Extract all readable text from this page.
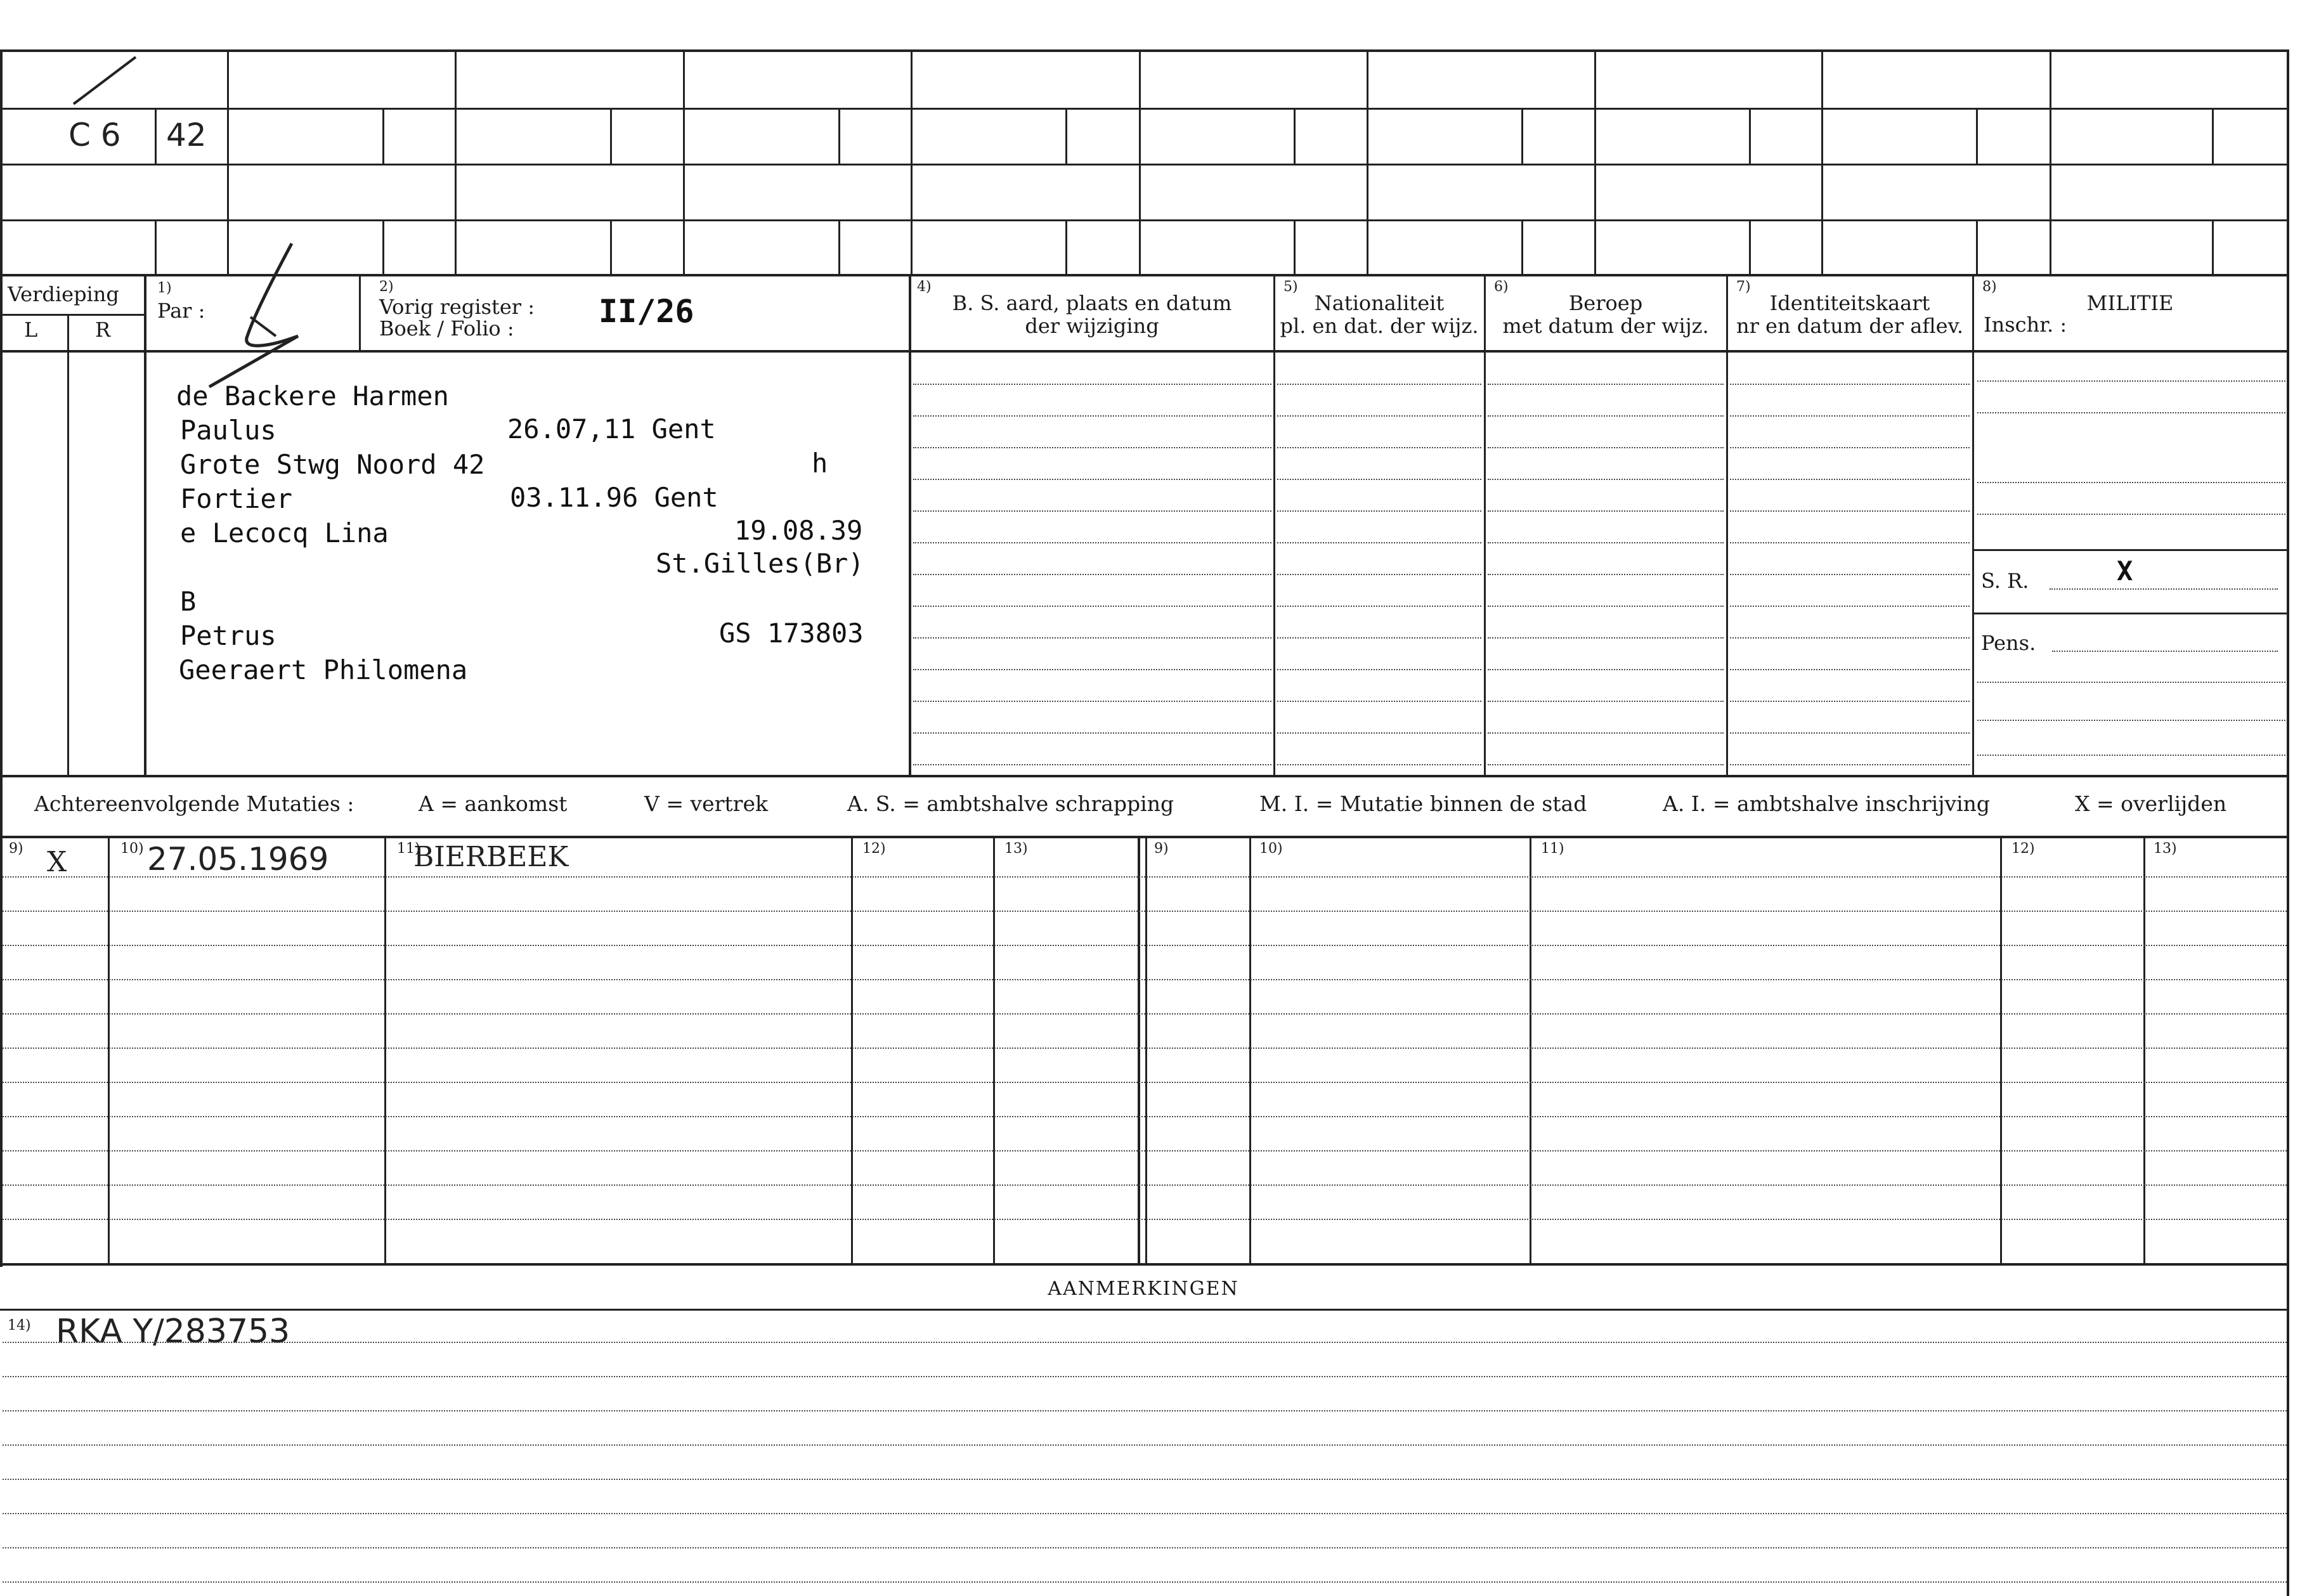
C 6 42
Verdieping
L	R
1)
Par :
2)
Vorig register :
Boek / Folio :	II/26
4)
B. S. aard, plaats en datum
der wijziging
5)
Nationaliteit
pl. en dat. der wijz.
6)
Beroep
met datum der wijz.
7)
Identiteitskaart
nr en datum der aflev.
8)
MILITIE
Inschr. :
de Backere Harmen
Paulus	26.07,11 Gent
Grote Stwg Noord 42	h
Fortier	03.11.96 Gent
e Lecocq Lina	19.08.39
St.Gilles(Br)
B
Petrus	GS 173803
Geeraert Philomena
S. R.	X
Pens.
Achtereenvolgende Mutaties :	A = aankomst	V = vertrek	A. S. = ambtshalve schrapping	M. I. = Mutatie binnen de stad	A. I. = ambtshalve inschrijving	X = overlijden
9)	10)	11)	12)	13)	9)	10)	11)	12)	13)
X	27.05.1969	BIERBEEK
AANMERKINGEN
14) RKA Y/283753
